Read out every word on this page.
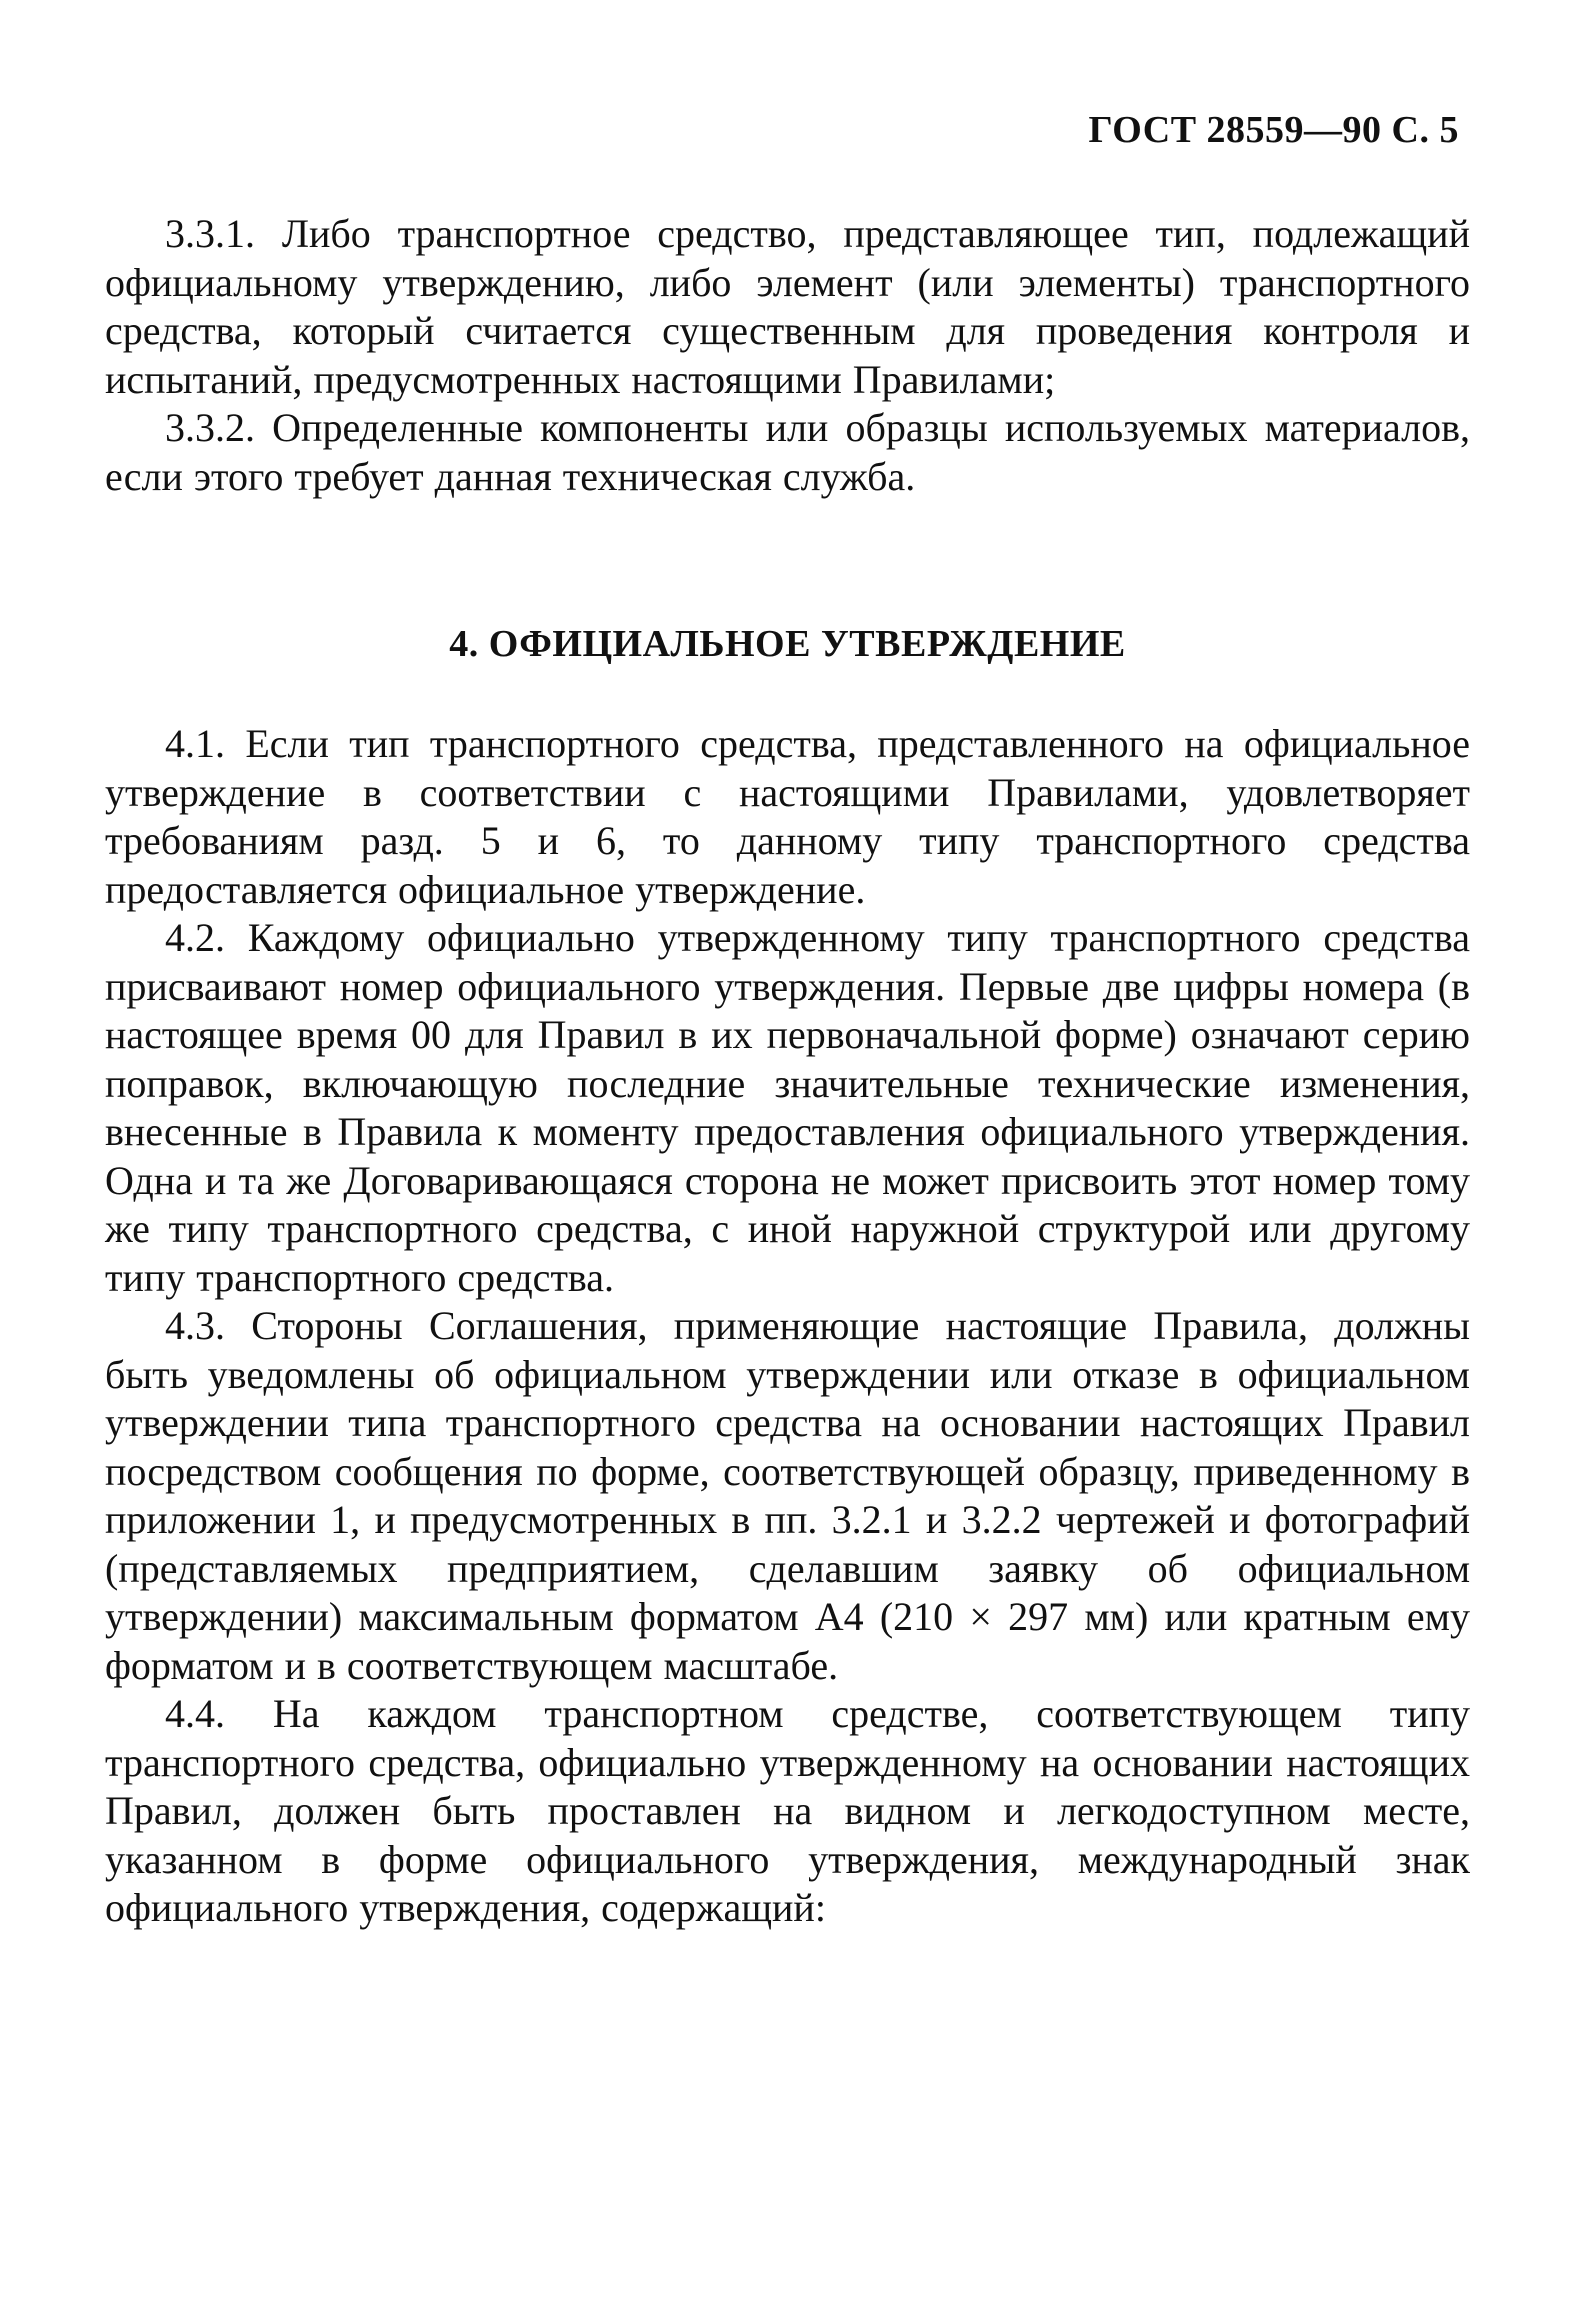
ГОСТ 28559—90 С. 5

3.3.1. Либо транспортное средство, представляющее тип, подлежащий официальному утверждению, либо элемент (или элементы) транспортного средства, который считается существенным для проведения контроля и испытаний, предусмотренных настоящими Правилами;

3.3.2. Определенные компоненты или образцы используемых материалов, если этого требует данная техническая служба.

4. ОФИЦИАЛЬНОЕ УТВЕРЖДЕНИЕ

4.1. Если тип транспортного средства, представленного на официальное утверждение в соответствии с настоящими Правилами, удовлетворяет требованиям разд. 5 и 6, то данному типу транспортного средства предоставляется официальное утверждение.

4.2. Каждому официально утвержденному типу транспортного средства присваивают номер официального утверждения. Первые две цифры номера (в настоящее время 00 для Правил в их первоначальной форме) означают серию поправок, включающую последние значительные технические изменения, внесенные в Правила к моменту предоставления официального утверждения. Одна и та же Договаривающаяся сторона не может присвоить этот номер тому же типу транспортного средства, с иной наружной структурой или другому типу транспортного средства.

4.3. Стороны Соглашения, применяющие настоящие Правила, должны быть уведомлены об официальном утверждении или отказе в официальном утверждении типа транспортного средства на основании настоящих Правил посредством сообщения по форме, соответствующей образцу, приведенному в приложении 1, и предусмотренных в пп. 3.2.1 и 3.2.2 чертежей и фотографий (представляемых предприятием, сделавшим заявку об официальном утверждении) максимальным форматом А4 (210 × 297 мм) или кратным ему форматом и в соответствующем масштабе.

4.4. На каждом транспортном средстве, соответствующем типу транспортного средства, официально утвержденному на основании настоящих Правил, должен быть проставлен на видном и легкодоступном месте, указанном в форме официального утверждения, международный знак официального утверждения, содержащий:
